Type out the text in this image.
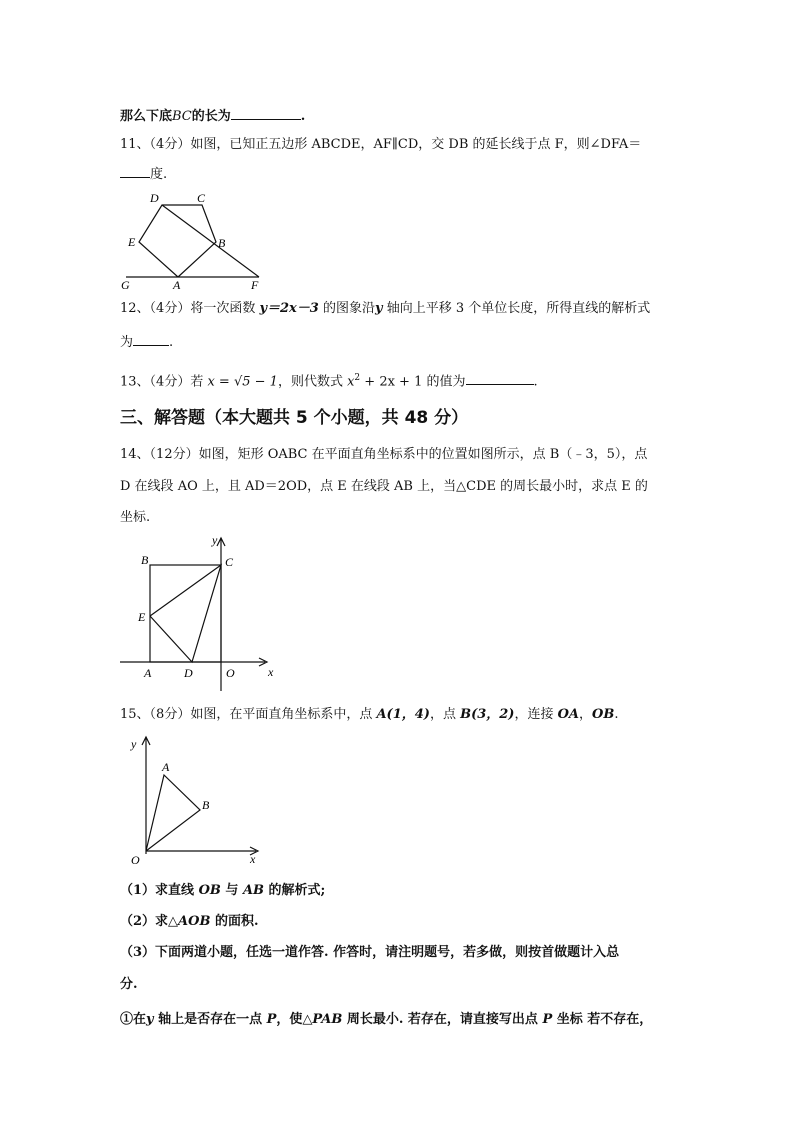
那么下底BC的长为	.
11、（4分）如图，已知正五边形 ABCDE，AF∥CD，交 DB 的延长线于点 F，则∠DFA＝
度.
D	C
E	B
G	A	F
12、（4分）将一次函数 y＝2x－3 的图象沿y 轴向上平移 3 个单位长度，所得直线的解析式
为	.
13、（4分）若 x = √5 − 1，则代数式 $x^2 + 2x + 1$ 的值为	.
三、解答题（本大题共 5 个小题，共 48 分）
14、（12分）如图，矩形 OABC 在平面直角坐标系中的位置如图所示，点 B（﹣3，5），点
D 在线段 AO 上，且 AD＝2OD，点 E 在线段 AB 上，当△CDE 的周长最小时，求点 E 的
坐标.
y
B	C
E
A	D	O	x
15、（8分）如图，在平面直角坐标系中，点 A(1，4)，点 B(3，2)，连接 OA，OB.
y
A
B
O	x
（1）求直线 OB 与 AB 的解析式;
（2）求△AOB 的面积.
（3）下面两道小题，任选一道作答. 作答时，请注明题号，若多做，则按首做题计入总
分.
①在y 轴上是否存在一点 P，使△PAB 周长最小. 若存在，请直接写出点 P 坐标 若不存在，
